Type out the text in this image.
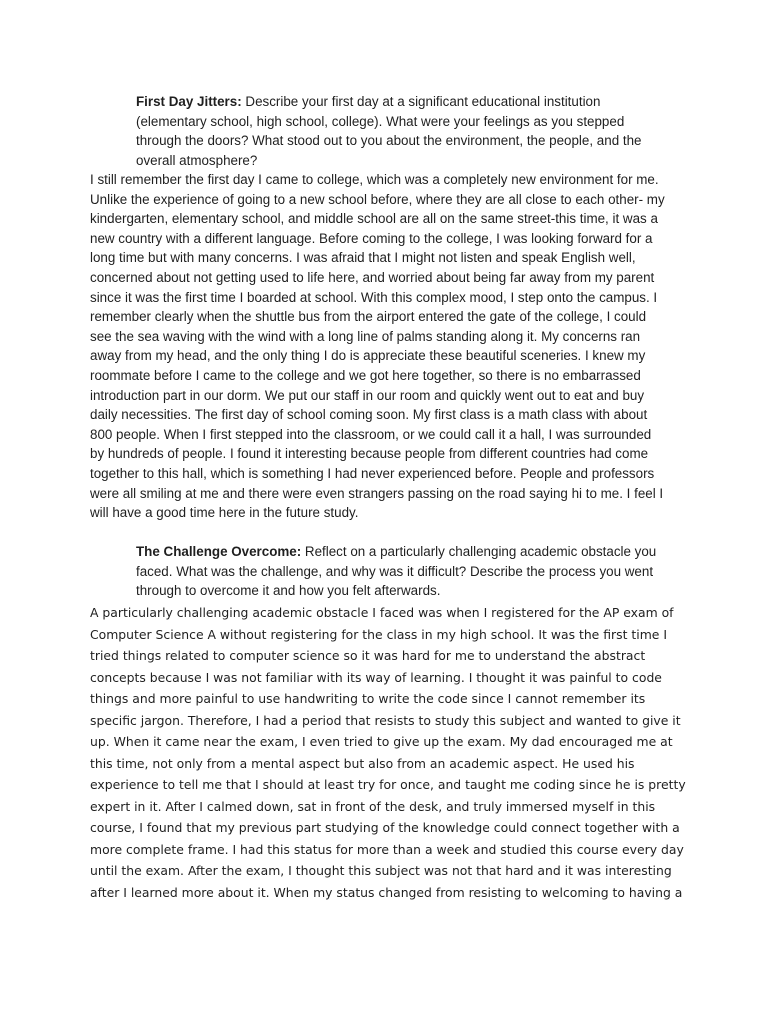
First Day Jitters: Describe your first day at a significant educational institution
(elementary school, high school, college). What were your feelings as you stepped
through the doors? What stood out to you about the environment, the people, and the
overall atmosphere?

I still remember the first day I came to college, which was a completely new environment for me.
Unlike the experience of going to a new school before, where they are all close to each other- my
kindergarten, elementary school, and middle school are all on the same street-this time, it was a
new country with a different language. Before coming to the college, I was looking forward for a
long time but with many concerns. I was afraid that I might not listen and speak English well,
concerned about not getting used to life here, and worried about being far away from my parent
since it was the first time I boarded at school. With this complex mood, I step onto the campus. I
remember clearly when the shuttle bus from the airport entered the gate of the college, I could
see the sea waving with the wind with a long line of palms standing along it. My concerns ran
away from my head, and the only thing I do is appreciate these beautiful sceneries. I knew my
roommate before I came to the college and we got here together, so there is no embarrassed
introduction part in our dorm. We put our staff in our room and quickly went out to eat and buy
daily necessities. The first day of school coming soon. My first class is a math class with about
800 people. When I first stepped into the classroom, or we could call it a hall, I was surrounded
by hundreds of people. I found it interesting because people from different countries had come
together to this hall, which is something I had never experienced before. People and professors
were all smiling at me and there were even strangers passing on the road saying hi to me. I feel I
will have a good time here in the future study.

The Challenge Overcome: Reflect on a particularly challenging academic obstacle you
faced. What was the challenge, and why was it difficult? Describe the process you went
through to overcome it and how you felt afterwards.

A particularly challenging academic obstacle I faced was when I registered for the AP exam of
Computer Science A without registering for the class in my high school. It was the first time I
tried things related to computer science so it was hard for me to understand the abstract
concepts because I was not familiar with its way of learning. I thought it was painful to code
things and more painful to use handwriting to write the code since I cannot remember its
specific jargon. Therefore, I had a period that resists to study this subject and wanted to give it
up. When it came near the exam, I even tried to give up the exam. My dad encouraged me at
this time, not only from a mental aspect but also from an academic aspect. He used his
experience to tell me that I should at least try for once, and taught me coding since he is pretty
expert in it. After I calmed down, sat in front of the desk, and truly immersed myself in this
course, I found that my previous part studying of the knowledge could connect together with a
more complete frame. I had this status for more than a week and studied this course every day
until the exam. After the exam, I thought this subject was not that hard and it was interesting
after I learned more about it. When my status changed from resisting to welcoming to having a
